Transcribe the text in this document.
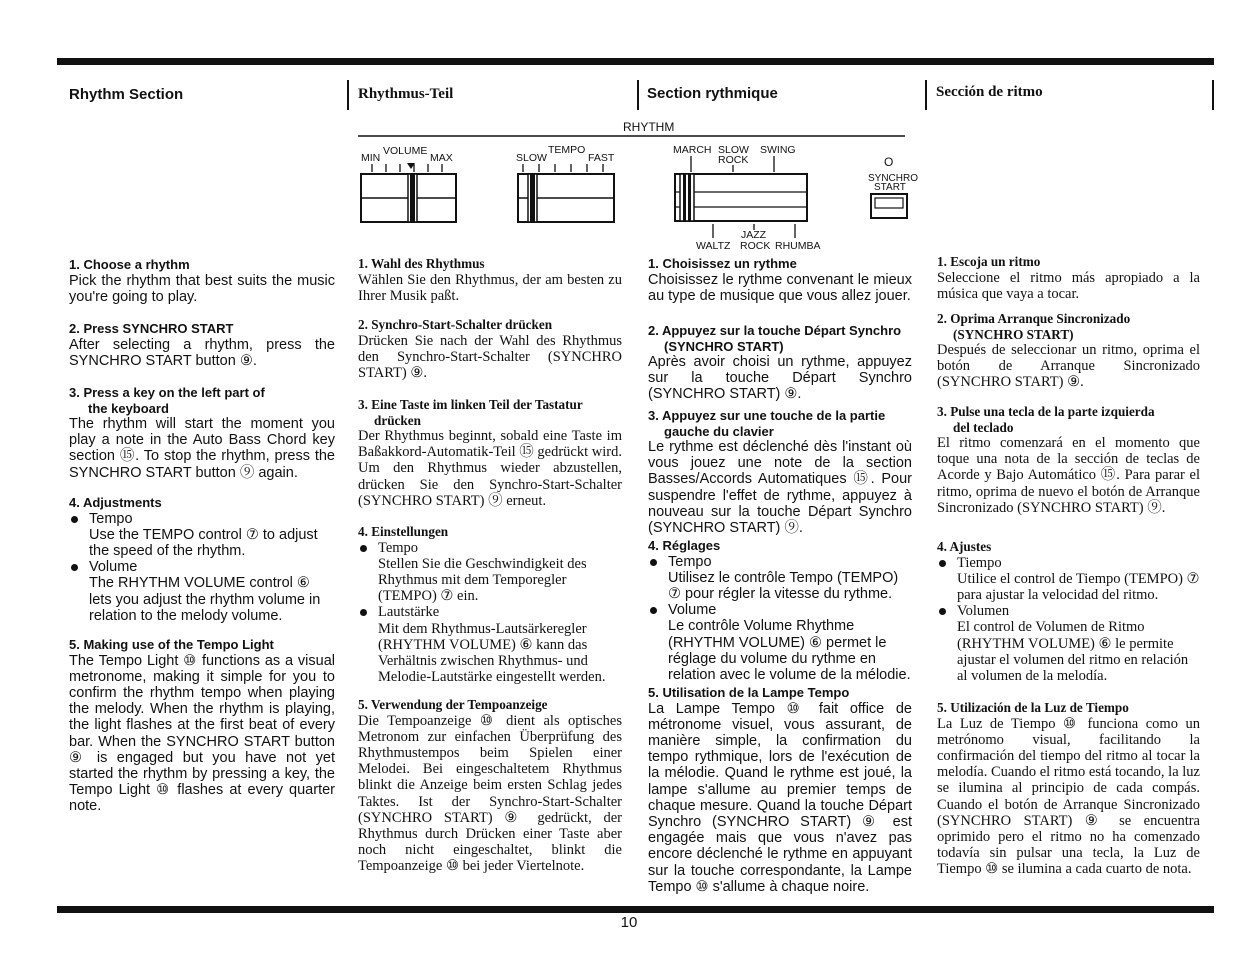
Rhythm Section	Rhythmus-Teil	Section rythmique	Sección de ritmo
RHYTHM
VOLUME
MIN	MAX
TEMPO
SLOW	FAST
MARCH SLOW
ROCK
SWING
JAZZ
WALTZ ROCK RHUMBA
O
SYNCHRO
START
1. Choose a rhythm

Pick the rhythm that best suits the music you're going to play.

2. Press SYNCHRO START

After selecting a rhythm, press the SYNCHRO START button ⑨.

3. Press a key on the left part of
the keyboard

The rhythm will start the moment you play a note in the Auto Bass Chord key section ⑮. To stop the rhythm, press the SYNCHRO START button ⑨ again.

4. Adjustments
Tempo
Use the TEMPO control ⑦ to adjust the speed of the rhythm.
Volume
The RHYTHM VOLUME control ⑥ lets you adjust the rhythm volume in relation to the melody volume.
5. Making use of the Tempo Light

The Tempo Light ⑩ functions as a visual metronome, making it simple for you to confirm the rhythm tempo when playing the melody. When the rhythm is playing, the light flashes at the first beat of every bar. When the SYNCHRO START button ⑨ is engaged but you have not yet started the rhythm by pressing a key, the Tempo Light ⑩ flashes at every quarter note.

1. Wahl des Rhythmus

Wählen Sie den Rhythmus, der am besten zu Ihrer Musik paßt.

2. Synchro-Start-Schalter drücken

Drücken Sie nach der Wahl des Rhythmus den Synchro-Start-Schalter (SYNCHRO START) ⑨.

3. Eine Taste im linken Teil der Tastatur
drücken

Der Rhythmus beginnt, sobald eine Taste im Baßakkord-Automatik-Teil ⑮ gedrückt wird. Um den Rhythmus wieder abzustellen, drücken Sie den Synchro-Start-Schalter (SYNCHRO START) ⑨ erneut.

4. Einstellungen
Tempo
Stellen Sie die Geschwindigkeit des Rhythmus mit dem Temporegler (TEMPO) ⑦ ein.
Lautstärke
Mit dem Rhythmus-Lautsärkeregler (RHYTHM VOLUME) ⑥ kann das Verhältnis zwischen Rhythmus- und Melodie-Lautstärke eingestellt werden.
5. Verwendung der Tempoanzeige

Die Tempoanzeige ⑩ dient als optisches Metronom zur einfachen Überprüfung des Rhythmustempos beim Spielen einer Melodei. Bei eingeschaltetem Rhythmus blinkt die Anzeige beim ersten Schlag jedes Taktes. Ist der Synchro-Start-Schalter (SYNCHRO START) ⑨ gedrückt, der Rhythmus durch Drücken einer Taste aber noch nicht eingeschaltet, blinkt die Tempoanzeige ⑩ bei jeder Viertelnote.

1. Choisissez un rythme

Choisissez le rythme convenant le mieux au type de musique que vous allez jouer.

2. Appuyez sur la touche Départ Synchro
(SYNCHRO START)

Après avoir choisi un rythme, appuyez sur la touche Départ Synchro (SYNCHRO START) ⑨.

3. Appuyez sur une touche de la partie
gauche du clavier

Le rythme est déclenché dès l'instant où vous jouez une note de la section Basses/Accords Automatiques ⑮. Pour suspendre l'effet de rythme, appuyez à nouveau sur la touche Départ Synchro (SYNCHRO START) ⑨.

4. Réglages
Tempo
Utilisez le contrôle Tempo (TEMPO) ⑦ pour régler la vitesse du rythme.
Volume
Le contrôle Volume Rhythme (RHYTHM VOLUME) ⑥ permet le réglage du volume du rythme en relation avec le volume de la mélodie.
5. Utilisation de la Lampe Tempo

La Lampe Tempo ⑩ fait office de métronome visuel, vous assurant, de manière simple, la confirmation du tempo rythmique, lors de l'exécution de la mélodie. Quand le rythme est joué, la lampe s'allume au premier temps de chaque mesure. Quand la touche Départ Synchro (SYNCHRO START) ⑨ est engagée mais que vous n'avez pas encore déclenché le rythme en appuyant sur la touche correspondante, la Lampe Tempo ⑩ s'allume à chaque noire.

1. Escoja un ritmo

Seleccione el ritmo más apropiado a la música que vaya a tocar.

2. Oprima Arranque Sincronizado
(SYNCHRO START)

Después de seleccionar un ritmo, oprima el botón de Arranque Sincronizado (SYNCHRO START) ⑨.

3. Pulse una tecla de la parte izquierda
del teclado

El ritmo comenzará en el momento que toque una nota de la sección de teclas de Acorde y Bajo Automático ⑮. Para parar el ritmo, oprima de nuevo el botón de Arranque Sincronizado (SYNCHRO START) ⑨.

4. Ajustes
Tiempo
Utilice el control de Tiempo (TEMPO) ⑦ para ajustar la velocidad del ritmo.
Volumen
El control de Volumen de Ritmo (RHYTHM VOLUME) ⑥ le permite ajustar el volumen del ritmo en relación al volumen de la melodía.
5. Utilización de la Luz de Tiempo

La Luz de Tiempo ⑩ funciona como un metrónomo visual, facilitando la confirmación del tiempo del ritmo al tocar la melodía. Cuando el ritmo está tocando, la luz se ilumina al principio de cada compás. Cuando el botón de Arranque Sincronizado (SYNCHRO START) ⑨ se encuentra oprimido pero el ritmo no ha comenzado todavía sin pulsar una tecla, la Luz de Tiempo ⑩ se ilumina a cada cuarto de nota.

10
